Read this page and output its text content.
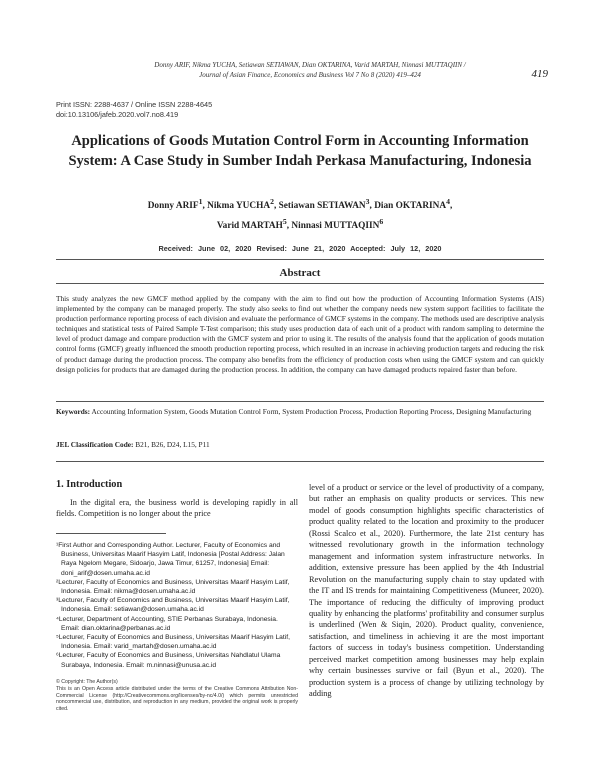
Donny ARIF, Nikma YUCHA, Setiawan SETIAWAN, Dian OKTARINA, Varid MARTAH, Ninnasi MUTTAQIIN /
Journal of Asian Finance, Economics and Business Vol 7 No 8 (2020) 419–424	419
Print ISSN: 2288-4637 / Online ISSN 2288-4645
doi:10.13106/jafeb.2020.vol7.no8.419
Applications of Goods Mutation Control Form in Accounting Information
System: A Case Study in Sumber Indah Perkasa Manufacturing, Indonesia
Donny ARIF$^1$, Nikma YUCHA$^2$, Setiawan SETIAWAN$^3$, Dian OKTARINA$^4$,
Varid MARTAH$^5$, Ninnasi MUTTAQIIN$^6$
Received: June 02, 2020 Revised: June 21, 2020 Accepted: July 12, 2020
Abstract

This study analyzes the new GMCF method applied by the company with the aim to find out how the production of Accounting Information Systems (AIS) implemented by the company can be managed properly. The study also seeks to find out whether the company needs new system support facilities to facilitate the production performance reporting process of each division and evaluate the performance of GMCF systems in the company. The methods used are descriptive analysis techniques and statistical tests of Paired Sample T-Test comparison; this study uses production data of each unit of a product with random sampling to determine the level of product damage and compare production with the GMCF system and prior to using it. The results of the analysis found that the application of goods mutation control forms (GMCF) greatly influenced the smooth production reporting process, which resulted in an increase in achieving production targets and reducing the risk of product damage during the production process. The company also benefits from the efficiency of production costs when using the GMCF system and can quickly design policies for products that are damaged during the production process. In addition, the company can have damaged products repaired faster than before.

Keywords: Accounting Information System, Goods Mutation Control Form, System Production Process, Production Reporting Process, Designing Manufacturing

JEL Classification Code: B21, B26, D24, L15, P11

1. Introduction

In the digital era, the business world is developing rapidly in all fields. Competition is no longer about the price

¹First Author and Corresponding Author. Lecturer, Faculty of Economics and Business, Universitas Maarif Hasyim Latif, Indonesia [Postal Address: Jalan Raya Ngelom Megare, Sidoarjo, Jawa Timur, 61257, Indonesia] Email: doni_arif@dosen.umaha.ac.id
²Lecturer, Faculty of Economics and Business, Universitas Maarif Hasyim Latif, Indonesia. Email: nikma@dosen.umaha.ac.id
³Lecturer, Faculty of Economics and Business, Universitas Maarif Hasyim Latif, Indonesia. Email: setiawan@dosen.umaha.ac.id
⁴Lecturer, Department of Accounting, STIE Perbanas Surabaya, Indonesia. Email: dian.oktarina@perbanas.ac.id
⁵Lecturer, Faculty of Economics and Business, Universitas Maarif Hasyim Latif, Indonesia. Email: varid_martah@dosen.umaha.ac.id
⁶Lecturer, Faculty of Economics and Business, Universitas Nahdlatul Ulama Surabaya, Indonesia. Email: m.ninnasi@unusa.ac.id
© Copyright: The Author(s)
This is an Open Access article distributed under the terms of the Creative Commons Attribution Non-Commercial License (http://Creativecommons.org/licenses/by-nc/4.0/) which permits unrestricted noncommercial use, distribution, and reproduction in any medium, provided the original work is properly cited.

level of a product or service or the level of productivity of a company, but rather an emphasis on quality products or services. This new model of goods consumption highlights specific characteristics of product quality related to the location and proximity to the producer (Rossi Scalco et al., 2020). Furthermore, the late 21st century has witnessed revolutionary growth in the information technology management and information system infrastructure networks. In addition, extensive pressure has been applied by the 4th Industrial Revolution on the manufacturing supply chain to stay updated with the IT and IS trends for maintaining Competitiveness (Muneer, 2020). The importance of reducing the difficulty of improving product quality by enhancing the platforms' profitability and consumer surplus is underlined (Wen & Siqin, 2020). Product quality, convenience, satisfaction, and timeliness in achieving it are the most important factors of success in today's business competition. Understanding perceived market competition among businesses may help explain why certain businesses survive or fail (Byun et al., 2020). The production system is a process of change by utilizing technology by adding
